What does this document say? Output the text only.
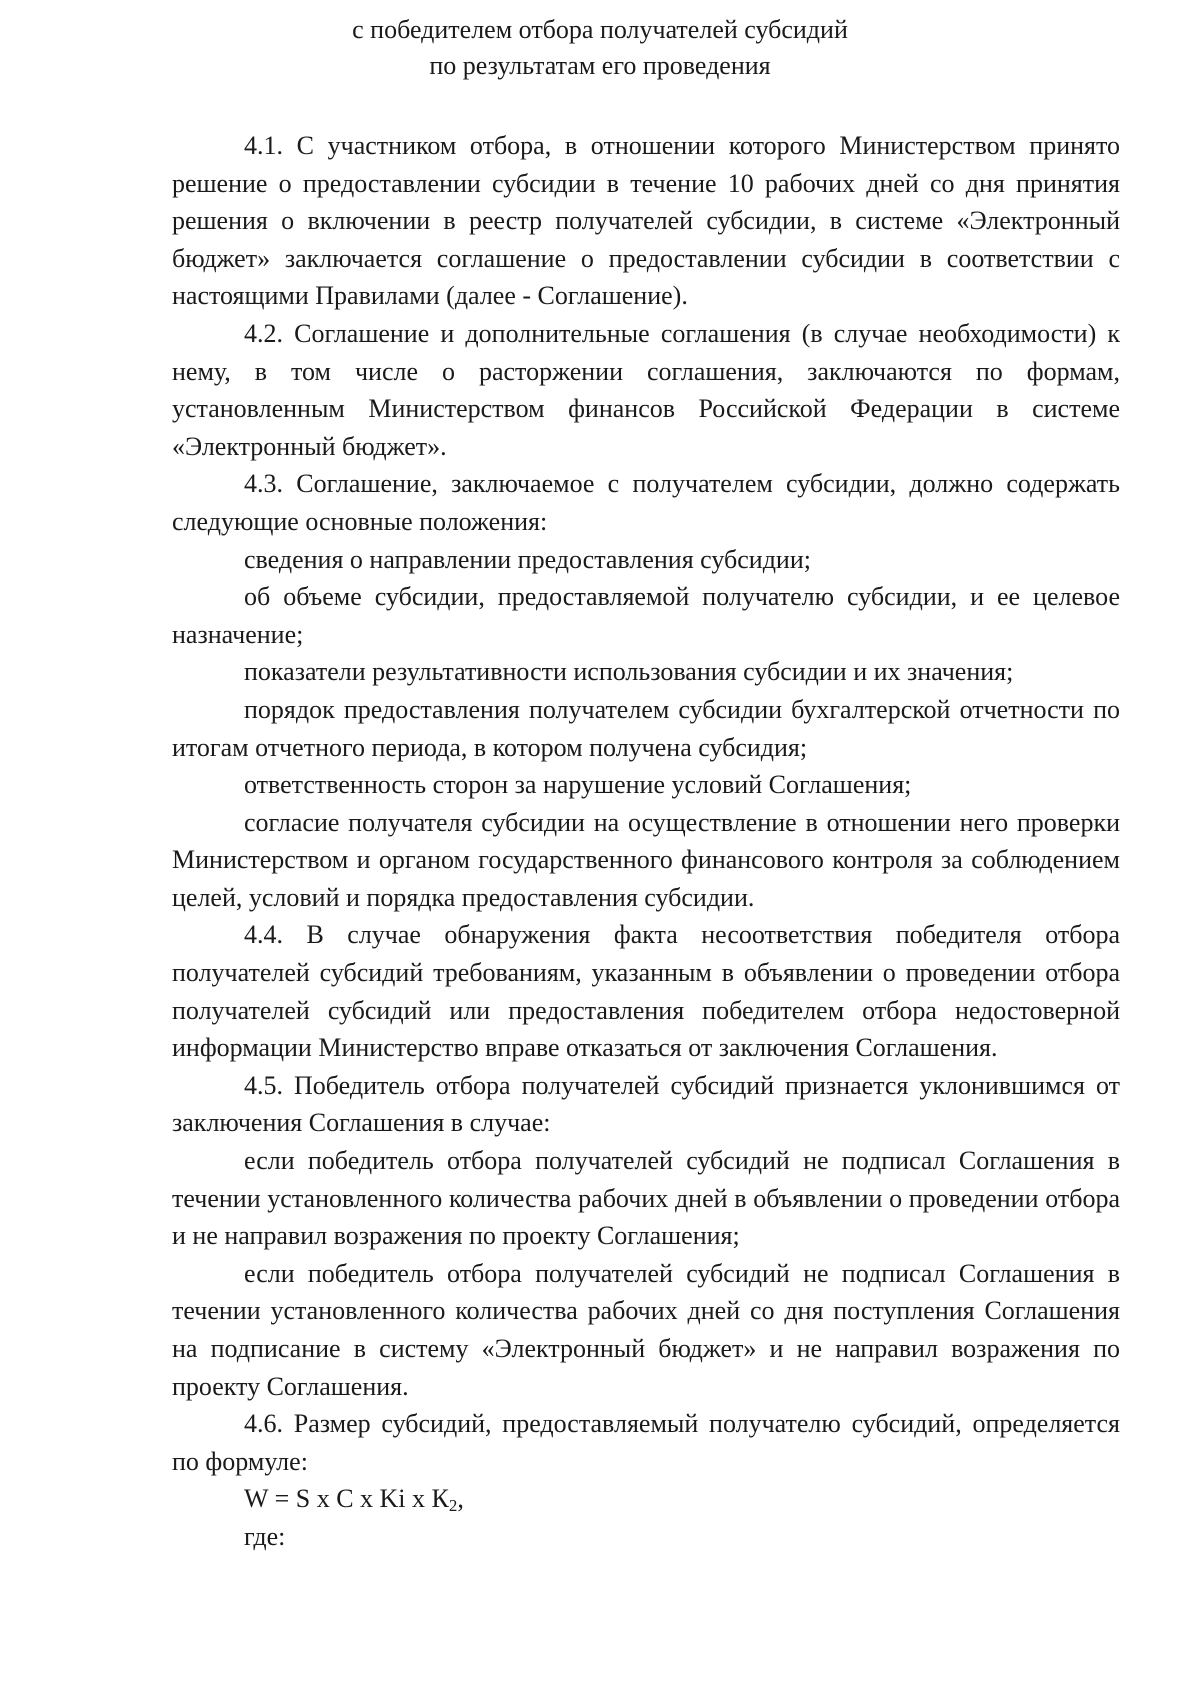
с победителем отбора получателей субсидий
по результатам его проведения

4.1. С участником отбора, в отношении которого Министерством принято решение о предоставлении субсидии в течение 10 рабочих дней со дня принятия решения о включении в реестр получателей субсидии, в системе «Электронный бюджет» заключается соглашение о предоставлении субсидии в соответствии с настоящими Правилами (далее - Соглашение).

4.2. Соглашение и дополнительные соглашения (в случае необходимости) к нему, в том числе о расторжении соглашения, заключаются по формам, установленным Министерством финансов Российской Федерации в системе «Электронный бюджет».

4.3. Соглашение, заключаемое с получателем субсидии, должно содержать следующие основные положения:

сведения о направлении предоставления субсидии;

об объеме субсидии, предоставляемой получателю субсидии, и ее целевое назначение;

показатели результативности использования субсидии и их значения;

порядок предоставления получателем субсидии бухгалтерской отчетности по итогам отчетного периода, в котором получена субсидия;

ответственность сторон за нарушение условий Соглашения;

согласие получателя субсидии на осуществление в отношении него проверки Министерством и органом государственного финансового контроля за соблюдением целей, условий и порядка предоставления субсидии.

4.4. В случае обнаружения факта несоответствия победителя отбора получателей субсидий требованиям, указанным в объявлении о проведении отбора получателей субсидий или предоставления победителем отбора недостоверной информации Министерство вправе отказаться от заключения Соглашения.

4.5. Победитель отбора получателей субсидий признается уклонившимся от заключения Соглашения в случае:

если победитель отбора получателей субсидий не подписал Соглашения в течении установленного количества рабочих дней в объявлении о проведении отбора и не направил возражения по проекту Соглашения;

если победитель отбора получателей субсидий не подписал Соглашения в течении установленного количества рабочих дней со дня поступления Соглашения на подписание в систему «Электронный бюджет» и не направил возражения по проекту Соглашения.

4.6. Размер субсидий, предоставляемый получателю субсидий, определяется по формуле:

W = S x C x Ki x $К_2$,

где:
